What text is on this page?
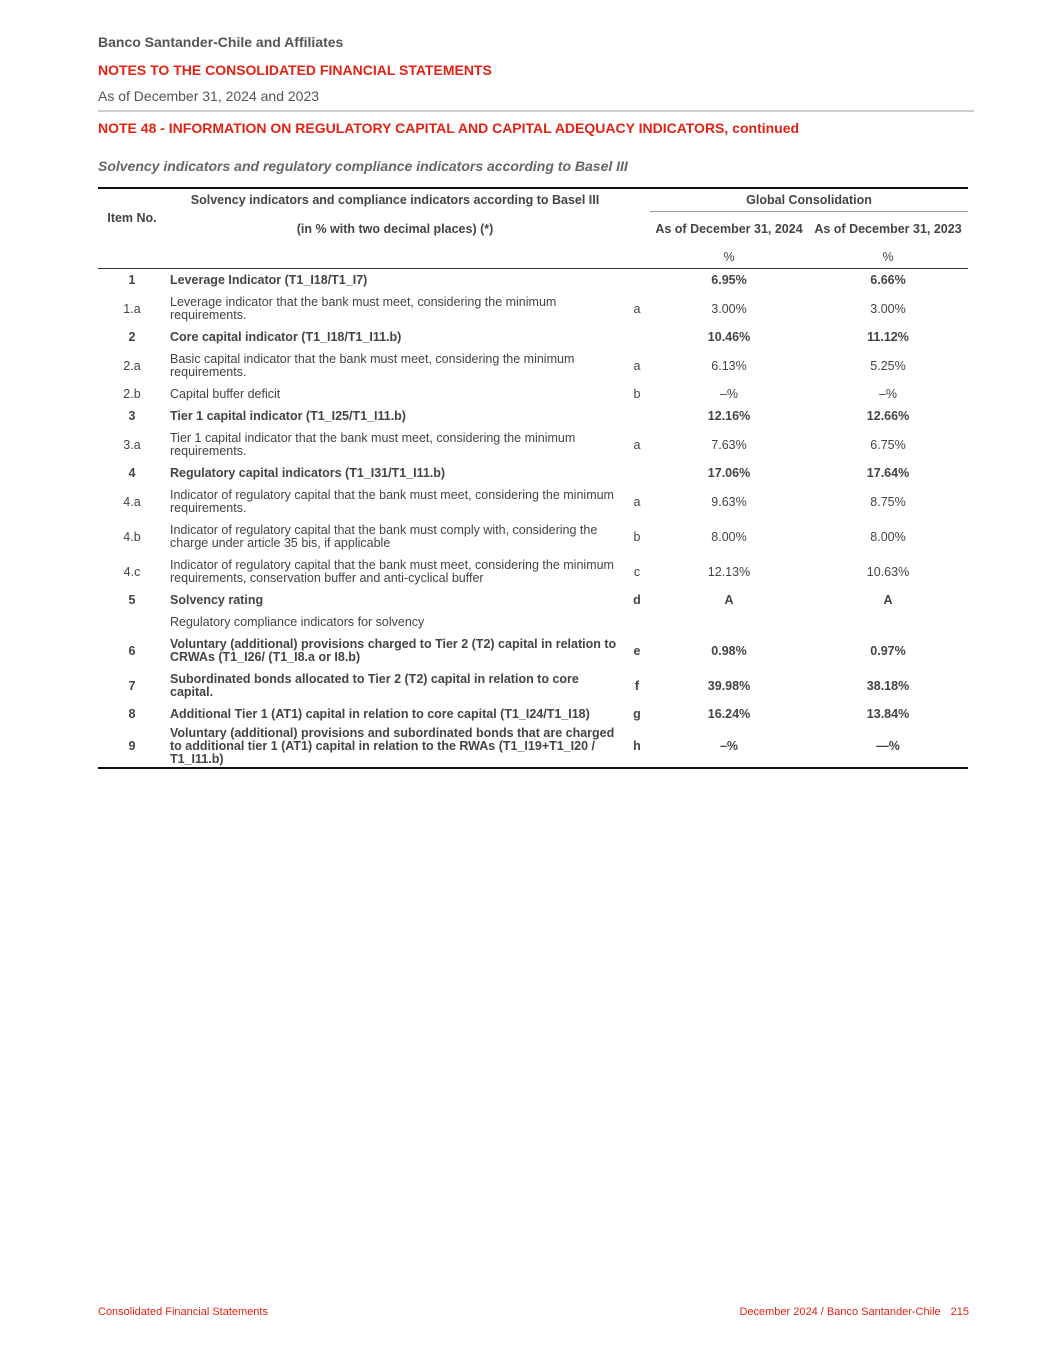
Banco Santander-Chile and Affiliates
NOTES TO THE CONSOLIDATED FINANCIAL STATEMENTS
As of December 31, 2024 and 2023
NOTE 48 - INFORMATION ON REGULATORY CAPITAL AND CAPITAL ADEQUACY INDICATORS, continued
Solvency indicators and regulatory compliance indicators according to Basel III
Item No.	Solvency indicators and compliance indicators according to Basel III		Global Consolidation	
	(in % with two decimal places) (*)		As of December 31, 2024	As of December 31, 2023
			%	%
1	Leverage Indicator (T1_I18/T1_I7)		6.95%	6.66%
1.a	Leverage indicator that the bank must meet, considering the minimum requirements.	a	3.00%	3.00%
2	Core capital indicator (T1_I18/T1_I11.b)		10.46%	11.12%
2.a	Basic capital indicator that the bank must meet, considering the minimum requirements.	a	6.13%	5.25%
2.b	Capital buffer deficit	b	–%	–%
3	Tier 1 capital indicator (T1_I25/T1_I11.b)		12.16%	12.66%
3.a	Tier 1 capital indicator that the bank must meet, considering the minimum requirements.	a	7.63%	6.75%
4	Regulatory capital indicators (T1_I31/T1_I11.b)		17.06%	17.64%
4.a	Indicator of regulatory capital that the bank must meet, considering the minimum requirements.	a	9.63%	8.75%
4.b	Indicator of regulatory capital that the bank must comply with, considering the charge under article 35 bis, if applicable	b	8.00%	8.00%
4.c	Indicator of regulatory capital that the bank must meet, considering the minimum requirements, conservation buffer and anti-cyclical buffer	c	12.13%	10.63%
5	Solvency rating	d	A	A
	Regulatory compliance indicators for solvency			
6	Voluntary (additional) provisions charged to Tier 2 (T2) capital in relation to CRWAs (T1_I26/ (T1_I8.a or I8.b)	e	0.98%	0.97%
7	Subordinated bonds allocated to Tier 2 (T2) capital in relation to core capital.	f	39.98%	38.18%
8	Additional Tier 1 (AT1) capital in relation to core capital (T1_I24/T1_I18)	g	16.24%	13.84%
9	Voluntary (additional) provisions and subordinated bonds that are charged to additional tier 1 (AT1) capital in relation to the RWAs (T1_I19+T1_I20 / T1_I11.b)	h	–%	—%
Consolidated Financial Statements	December 2024 / Banco Santander-Chile 215
